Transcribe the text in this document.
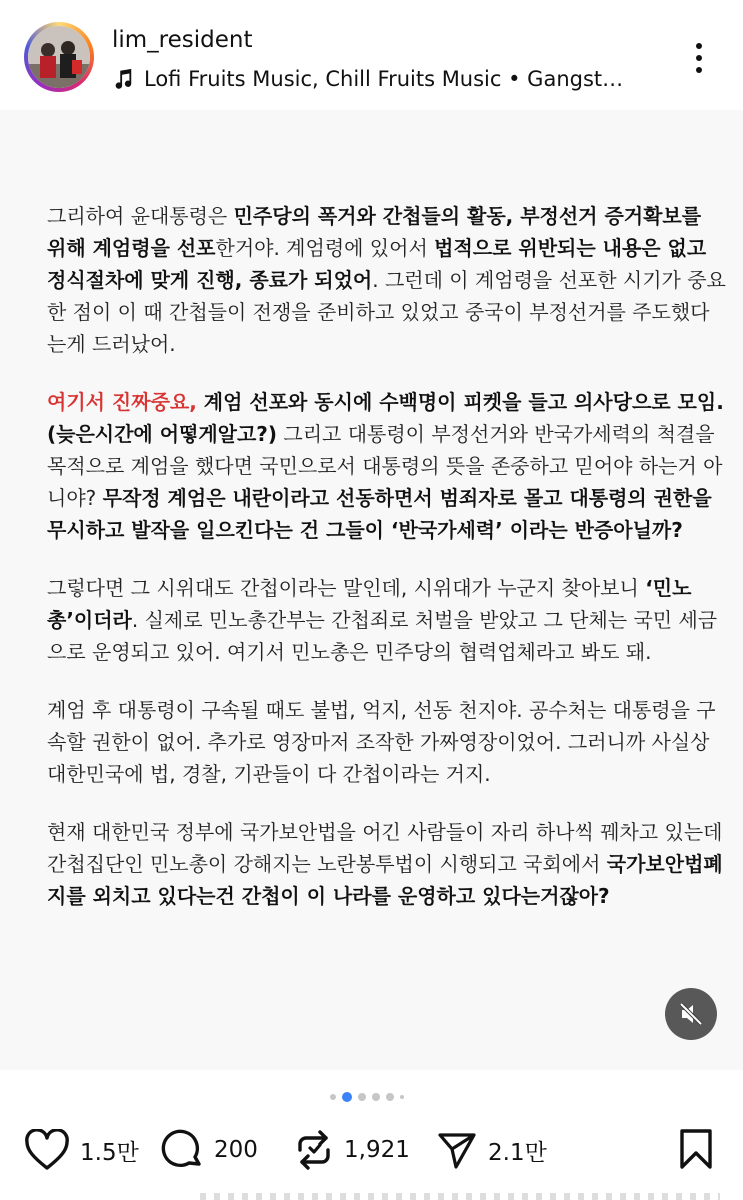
lim_resident
Lofi Fruits Music, Chill Fruits Music • Gangst…

그리하여 윤대통령은 민주당의 폭거와 간첩들의 활동, 부정선거 증거확보를 위해 계엄령을 선포한거야. 계엄령에 있어서 법적으로 위반되는 내용은 없고 정식절차에 맞게 진행, 종료가 되었어. 그런데 이 계엄령을 선포한 시기가 중요한 점이 이 때 간첩들이 전쟁을 준비하고 있었고 중국이 부정선거를 주도했다는게 드러났어.

여기서 진짜중요, 계엄 선포와 동시에 수백명이 피켓을 들고 의사당으로 모임. (늦은시간에 어떻게알고?) 그리고 대통령이 부정선거와 반국가세력의 척결을 목적으로 계엄을 했다면 국민으로서 대통령의 뜻을 존중하고 믿어야 하는거 아니야? 무작정 계엄은 내란이라고 선동하면서 범죄자로 몰고 대통령의 권한을 무시하고 발작을 일으킨다는 건 그들이 ‘반국가세력’ 이라는 반증아닐까?

그렇다면 그 시위대도 간첩이라는 말인데, 시위대가 누군지 찾아보니 ‘민노총’이더라. 실제로 민노총간부는 간첩죄로 처벌을 받았고 그 단체는 국민 세금으로 운영되고 있어. 여기서 민노총은 민주당의 협력업체라고 봐도 돼.

계엄 후 대통령이 구속될 때도 불법, 억지, 선동 천지야. 공수처는 대통령을 구속할 권한이 없어. 추가로 영장마저 조작한 가짜영장이었어. 그러니까 사실상 대한민국에 법, 경찰, 기관들이 다 간첩이라는 거지.

현재 대한민국 정부에 국가보안법을 어긴 사람들이 자리 하나씩 꿰차고 있는데 간첩집단인 민노총이 강해지는 노란봉투법이 시행되고 국회에서 국가보안법폐지를 외치고 있다는건 간첩이 이 나라를 운영하고 있다는거잖아?

1.5만	200	1,921	2.1만
